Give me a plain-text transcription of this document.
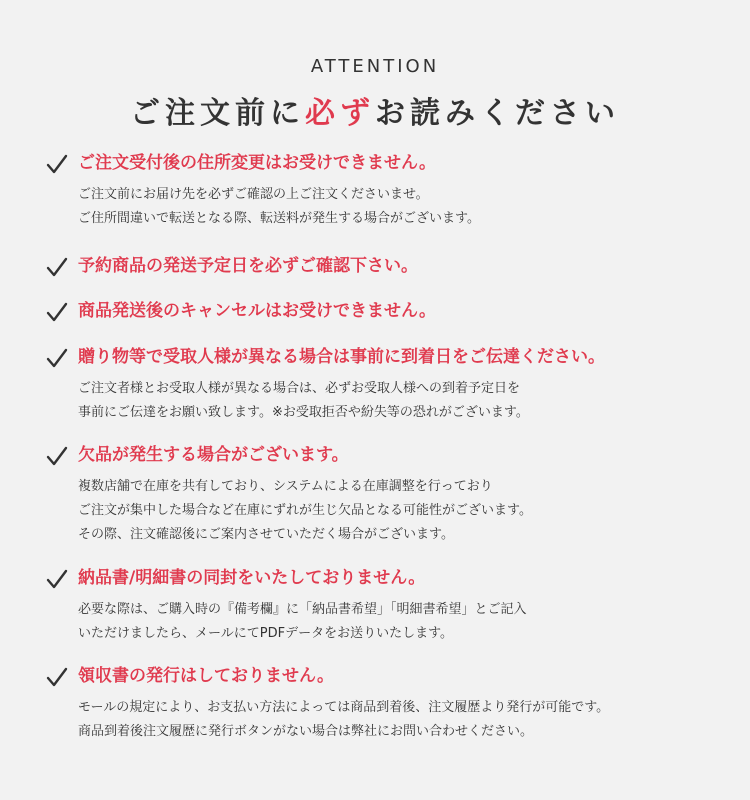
ATTENTION
ご注文前に必ずお読みください
ご注文受付後の住所変更はお受けできません。
ご注文前にお届け先を必ずご確認の上ご注文くださいませ。
ご住所間違いで転送となる際、転送料が発生する場合がございます。
予約商品の発送予定日を必ずご確認下さい。
商品発送後のキャンセルはお受けできません。
贈り物等で受取人様が異なる場合は事前に到着日をご伝達ください。
ご注文者様とお受取人様が異なる場合は、必ずお受取人様への到着予定日を
事前にご伝達をお願い致します。※お受取拒否や紛失等の恐れがございます。
欠品が発生する場合がございます。
複数店舗で在庫を共有しており、システムによる在庫調整を行っており
ご注文が集中した場合など在庫にずれが生じ欠品となる可能性がございます。
その際、注文確認後にご案内させていただく場合がございます。
納品書/明細書の同封をいたしておりません。
必要な際は、ご購入時の『備考欄』に「納品書希望」「明細書希望」とご記入
いただけましたら、メールにてPDFデータをお送りいたします。
領収書の発行はしておりません。
モールの規定により、お支払い方法によっては商品到着後、注文履歴より発行が可能です。
商品到着後注文履歴に発行ボタンがない場合は弊社にお問い合わせください。
